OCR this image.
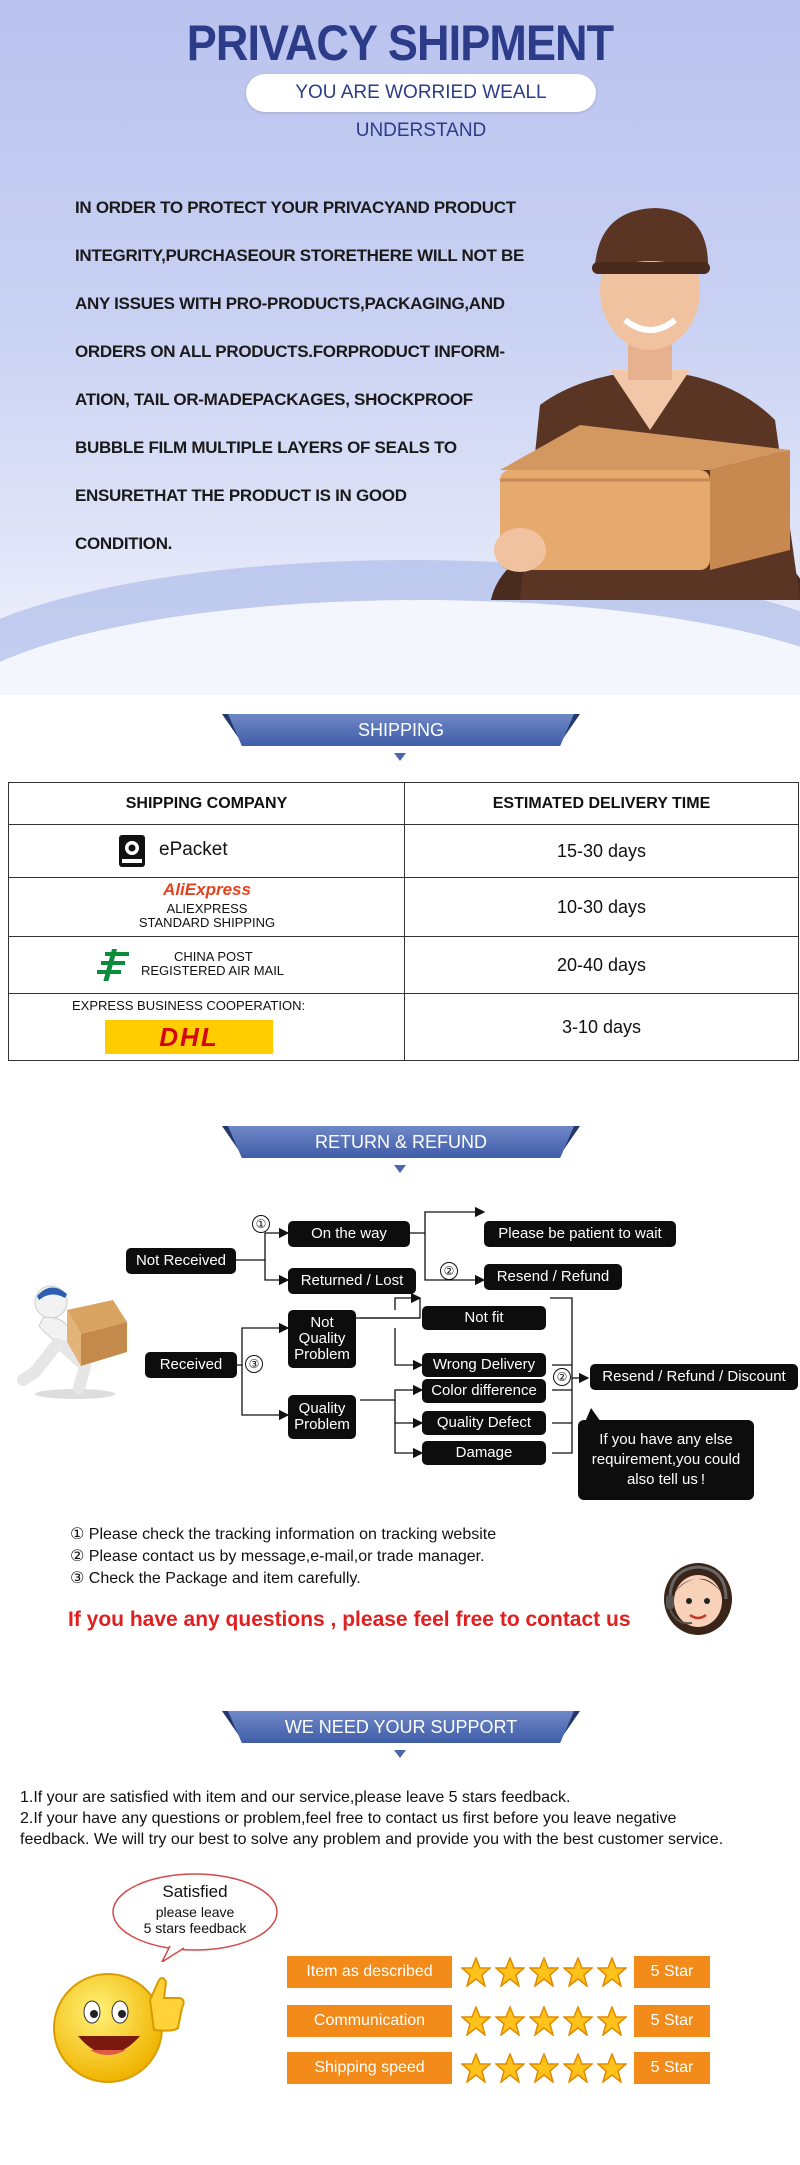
PRIVACY SHIPMENT
YOU ARE WORRIED WEALL UNDERSTAND
IN ORDER TO PROTECT YOUR PRIVACYAND PRODUCT
INTEGRITY,PURCHASEOUR STORETHERE WILL NOT BE
ANY ISSUES WITH PRO-PRODUCTS,PACKAGING,AND
ORDERS ON ALL PRODUCTS.FORPRODUCT INFORM-
ATION, TAIL OR-MADEPACKAGES, SHOCKPROOF
BUBBLE FILM MULTIPLE LAYERS OF SEALS TO
ENSURETHAT THE PRODUCT IS IN GOOD
CONDITION.
SHIPPING
SHIPPING COMPANY	ESTIMATED DELIVERY TIME

ePacket	15-30 days

AliExpress
ALIEXPRESS
STANDARD SHIPPING	10-30 days

CHINA POST
REGISTERED AIR MAIL	20-40 days

EXPRESS BUSINESS COOPERATION:
DHL	3-10 days
RETURN & REFUND
Not Received
①
On the way
Returned / Lost
Please be patient to wait
②	Resend / Refund
Received	③
Not Quality Problem
Quality Problem
Not fit
Wrong Delivery
Color difference
Quality Defect
Damage
②	Resend / Refund / Discount
If you have any else requirement,you could also tell us !
① Please check the tracking information on tracking website
② Please contact us by message,e-mail,or trade manager.
③ Check the Package and item carefully.
If you have any questions , please feel free to contact us
WE NEED YOUR SUPPORT
1.If your are satisfied with item and our service,please leave 5 stars feedback.
2.If your have any questions or problem,feel free to contact us first before you leave negative
feedback. We will try our best to solve any problem and provide you with the best customer service.
Satisfied
please leave
5 stars feedback
Item as described	5 Star
Communication	5 Star
Shipping speed	5 Star
